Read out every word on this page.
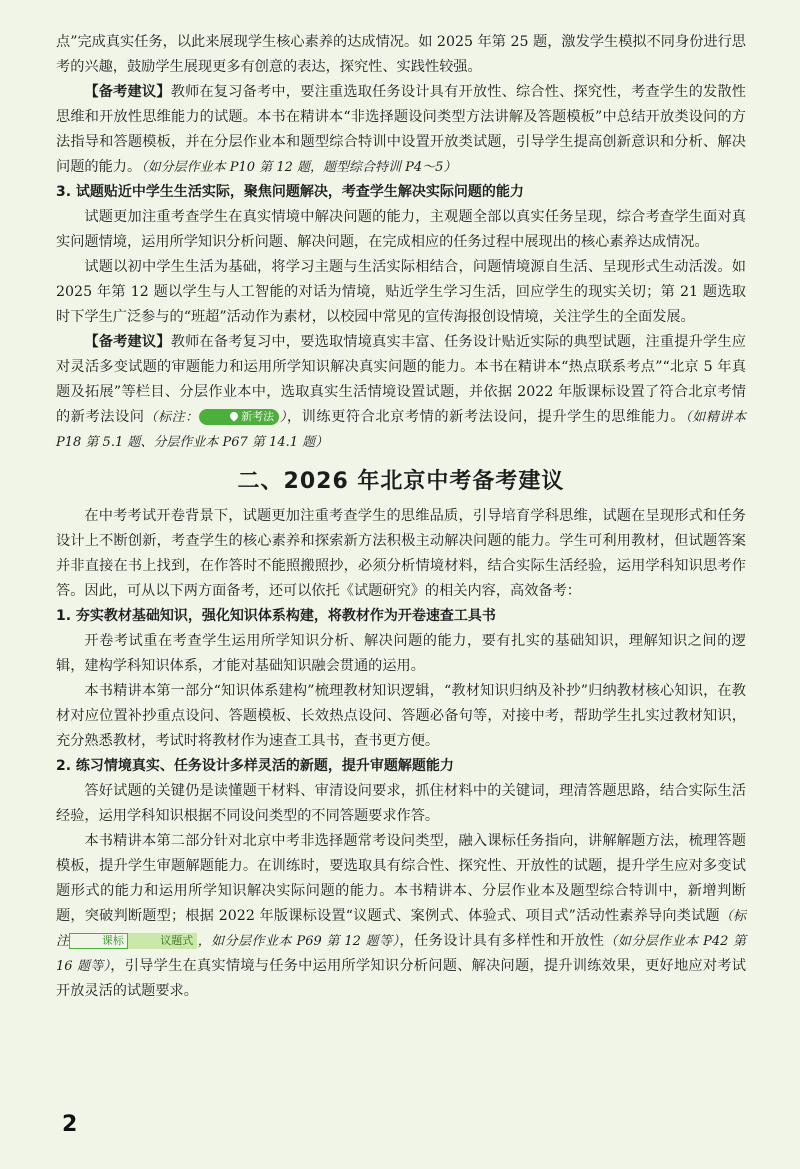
点”完成真实任务，以此来展现学生核心素养的达成情况。如 2025 年第 25 题，激发学生模拟不同身份进行思考的兴趣，鼓励学生展现更多有创意的表达，探究性、实践性较强。

【备考建议】教师在复习备考中，要注重选取任务设计具有开放性、综合性、探究性，考查学生的发散性思维和开放性思维能力的试题。本书在精讲本“非选择题设问类型方法讲解及答题模板”中总结开放类设问的方法指导和答题模板，并在分层作业本和题型综合特训中设置开放类试题，引导学生提高创新意识和分析、解决问题的能力。（如分层作业本 P10 第 12 题，题型综合特训 P4～5）

3. 试题贴近中学生生活实际，聚焦问题解决，考查学生解决实际问题的能力

试题更加注重考查学生在真实情境中解决问题的能力，主观题全部以真实任务呈现，综合考查学生面对真实问题情境，运用所学知识分析问题、解决问题，在完成相应的任务过程中展现出的核心素养达成情况。

试题以初中学生生活为基础，将学习主题与生活实际相结合，问题情境源自生活、呈现形式生动活泼。如 2025 年第 12 题以学生与人工智能的对话为情境，贴近学生学习生活，回应学生的现实关切；第 21 题选取时下学生广泛参与的“班超”活动作为素材，以校园中常见的宣传海报创设情境，关注学生的全面发展。

【备考建议】教师在备考复习中，要选取情境真实丰富、任务设计贴近实际的典型试题，注重提升学生应对灵活多变试题的审题能力和运用所学知识解决真实问题的能力。本书在精讲本“热点联系考点”“北京 5 年真题及拓展”等栏目、分层作业本中，选取真实生活情境设置试题，并依据 2022 年版课标设置了符合北京考情的新考法设问（标注：	新考法 ），训练更符合北京考情的新考法设问，提升学生的思维能力。（如精讲本 P18 第 5.1 题、分层作业本 P67 第 14.1 题）

二、2026 年北京中考备考建议

在中考考试开卷背景下，试题更加注重考查学生的思维品质，引导培育学科思维，试题在呈现形式和任务设计上不断创新，考查学生的核心素养和探索新方法积极主动解决问题的能力。学生可利用教材，但试题答案并非直接在书上找到，在作答时不能照搬照抄，必须分析情境材料，结合实际生活经验，运用学科知识思考作答。因此，可从以下两方面备考，还可以依托《试题研究》的相关内容，高效备考：

1. 夯实教材基础知识，强化知识体系构建，将教材作为开卷速查工具书

开卷考试重在考查学生运用所学知识分析、解决问题的能力，要有扎实的基础知识，理解知识之间的逻辑，建构学科知识体系，才能对基础知识融会贯通的运用。

本书精讲本第一部分“知识体系建构”梳理教材知识逻辑，“教材知识归纳及补抄”归纳教材核心知识，在教材对应位置补抄重点设问、答题模板、长效热点设问、答题必备句等，对接中考，帮助学生扎实过教材知识，充分熟悉教材，考试时将教材作为速查工具书，查书更方便。

2. 练习情境真实、任务设计多样灵活的新题，提升审题解题能力

答好试题的关键仍是读懂题干材料、审清设问要求，抓住材料中的关键词，理清答题思路，结合实际生活经验，运用学科知识根据不同设问类型的不同答题要求作答。

本书精讲本第二部分针对北京中考非选择题常考设问类型，融入课标任务指向，讲解解题方法，梳理答题模板，提升学生审题解题能力。在训练时，要选取具有综合性、探究性、开放性的试题，提升学生应对多变试题形式的能力和运用所学知识解决实际问题的能力。本书精讲本、分层作业本及题型综合特训中，新增判断题，突破判断题型；根据 2022 年版课标设置“议题式、案例式、体验式、项目式”活动性素养导向类试题（标注	课标	议题式 ，如分层作业本 P69 第 12 题等），任务设计具有多样性和开放性（如分层作业本 P42 第 16 题等），引导学生在真实情境与任务中运用所学知识分析问题、解决问题，提升训练效果，更好地应对考试开放灵活的试题要求。

2
